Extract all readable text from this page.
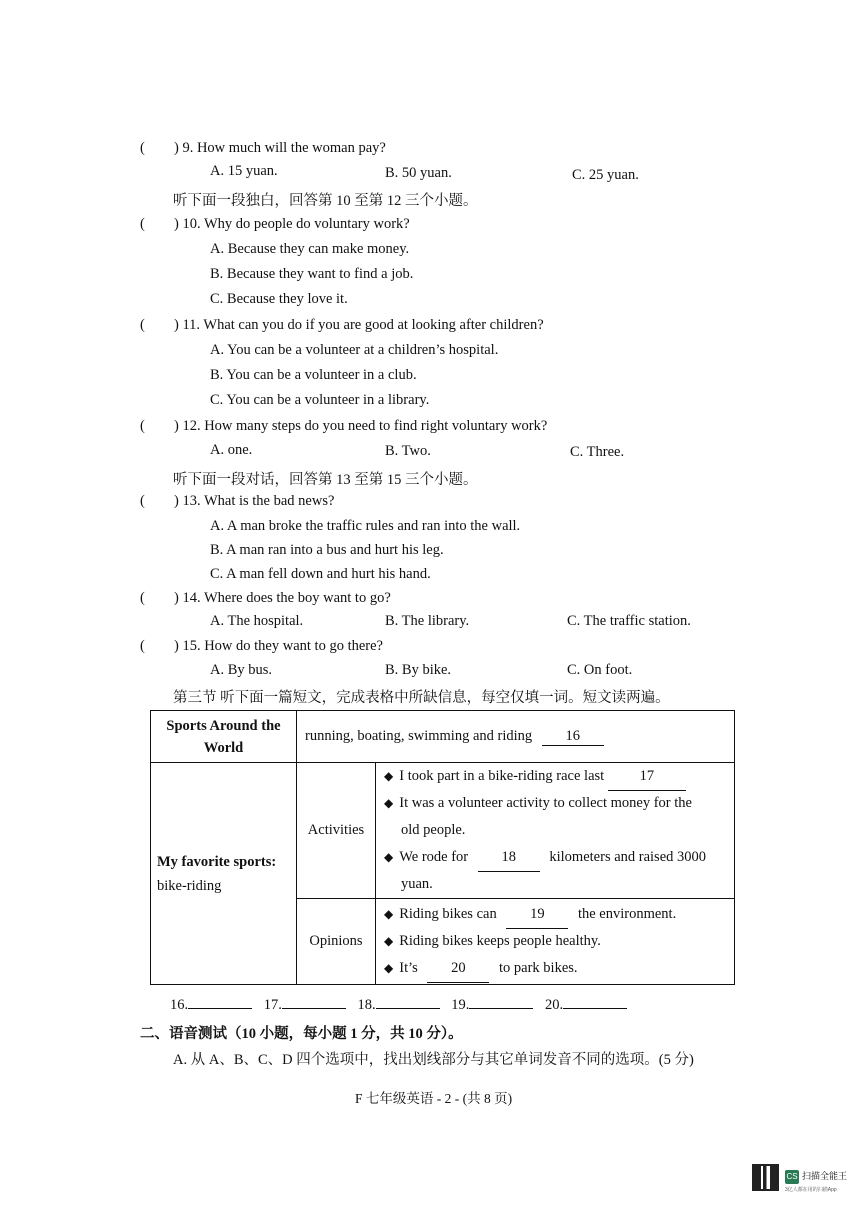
( ) 9. How much will the woman pay?
A. 15 yuan.	B. 50 yuan.	C. 25 yuan.
听下面一段独白，回答第 10 至第 12 三个小题。
( ) 10. Why do people do voluntary work?
A. Because they can make money.
B. Because they want to find a job.
C. Because they love it.
( ) 11. What can you do if you are good at looking after children?
A. You can be a volunteer at a children’s hospital.
B. You can be a volunteer in a club.
C. You can be a volunteer in a library.
( ) 12. How many steps do you need to find right voluntary work?
A. one.	B. Two.	C. Three.
听下面一段对话，回答第 13 至第 15 三个小题。
( ) 13. What is the bad news?
A. A man broke the traffic rules and ran into the wall.
B. A man ran into a bus and hurt his leg.
C. A man fell down and hurt his hand.
( ) 14. Where does the boy want to go?
A. The hospital.	B. The library.	C. The traffic station.
( ) 15. How do they want to go there?
A. By bus.	B. By bike.	C. On foot.
第三节 听下面一篇短文，完成表格中所缺信息，每空仅填一词。短文读两遍。
Sports Around the
World	running, boating, swimming and riding 16	
My favorite sports:
bike-riding	Activities	◆ I took part in a bike-riding race last 17
◆ It was a volunteer activity to collect money for the
old people.
◆ We rode for 18 kilometers and raised 3000
yuan.

	Opinions	◆ Riding bikes can 19 the environment.
◆ Riding bikes keeps people healthy.
◆ It’s 20 to park bikes.
16.	17.	18.	19.	20.
二、语音测试（10 小题，每小题 1 分，共 10 分）。
A. 从 A、B、C、D 四个选项中，找出划线部分与其它单词发音不同的选项。(5 分)
F 七年级英语 - 2 - (共 8 页)
CS 扫描全能王
3亿人都在用的扫描App
